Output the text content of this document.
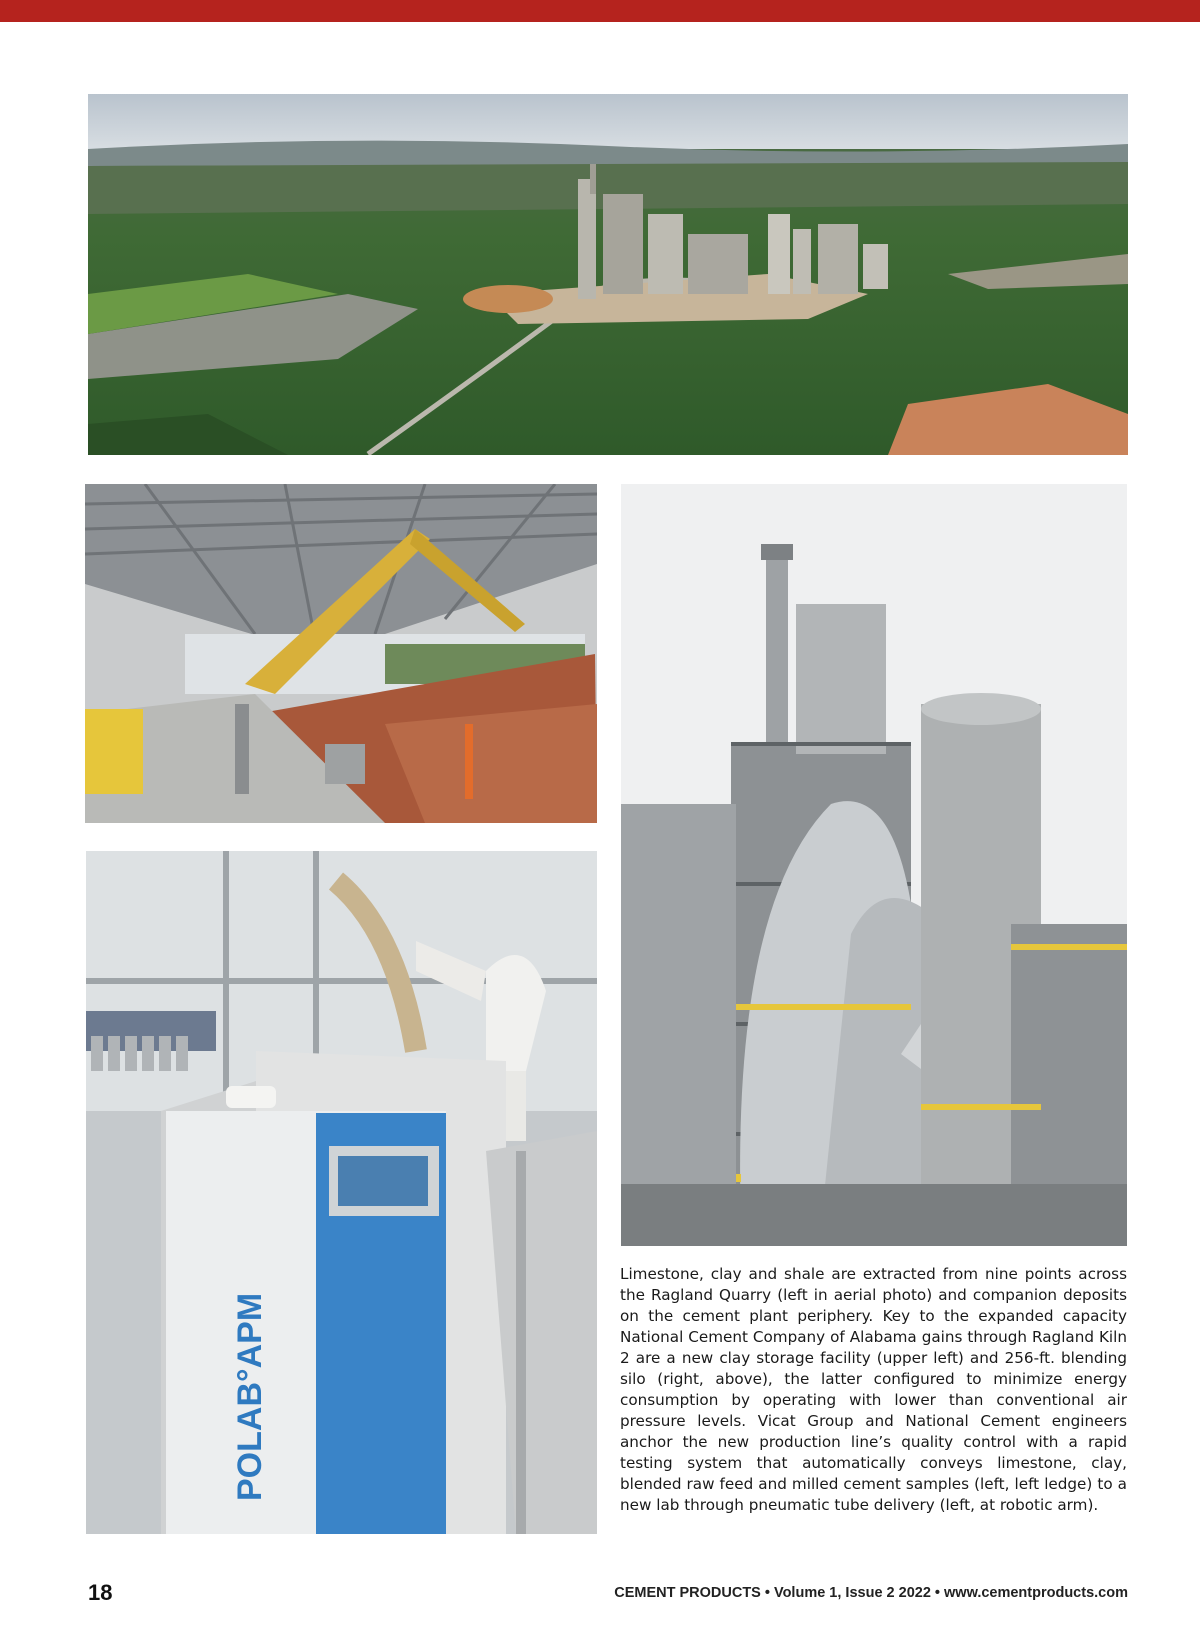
POLAB°APM

Limestone, clay and shale are extracted from nine points across the Ragland Quarry (left in aerial photo) and companion deposits on the cement plant periphery. Key to the expanded capacity National Cement Company of Alabama gains through Ragland Kiln 2 are a new clay storage facility (upper left) and 256-ft. blending silo (right, above), the latter configured to minimize energy consumption by operating with lower than conventional air pressure levels. Vicat Group and National Cement engineers anchor the new production line’s quality control with a rapid testing system that automatically conveys limestone, clay, blended raw feed and milled cement samples (left, left ledge) to a new lab through pneumatic tube delivery (left, at robotic arm).

18	CEMENT PRODUCTS • Volume 1, Issue 2 2022 • www.cementproducts.com
